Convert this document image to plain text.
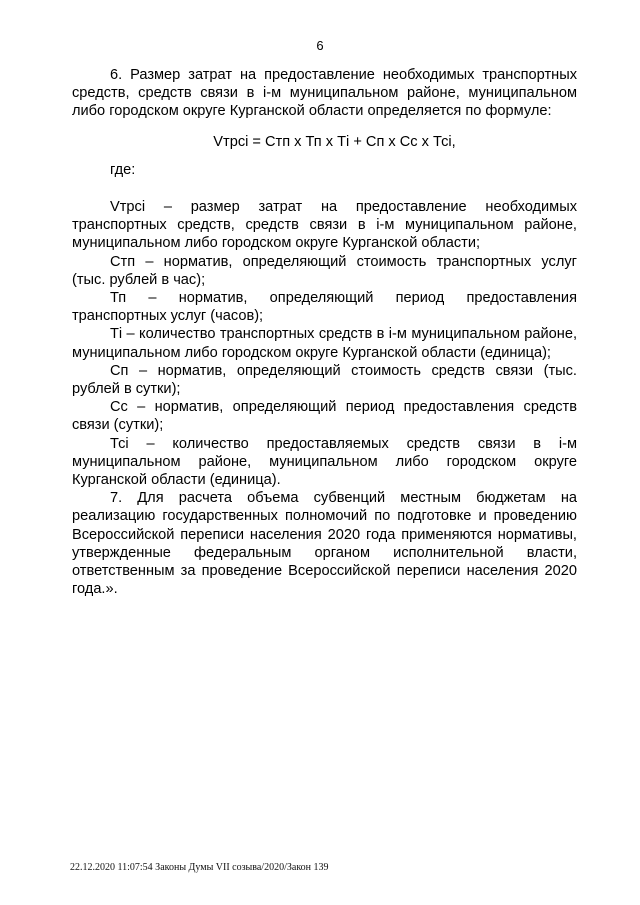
6

6. Размер затрат на предоставление необходимых транспортных средств, средств связи в i-м муниципальном районе, муниципальном либо городском округе Курганской области определяется по формуле:

Vтрсi = Стп х Тп х Тi + Сп х Сс х Тсi,

где:

Vтрсi – размер затрат на предоставление необходимых транспортных средств, средств связи в i-м муниципальном районе, муниципальном либо городском округе Курганской области;

Стп – норматив, определяющий стоимость транспортных услуг (тыс. рублей в час);

Тп – норматив, определяющий период предоставления транспортных услуг (часов);

Тi – количество транспортных средств в i-м муниципальном районе, муниципальном либо городском округе Курганской области (единица);

Сп – норматив, определяющий стоимость средств связи (тыс. рублей в сутки);

Сс – норматив, определяющий период предоставления средств связи (сутки);

Тсi – количество предоставляемых средств связи в i-м муниципальном районе, муниципальном либо городском округе Курганской области (единица).

7. Для расчета объема субвенций местным бюджетам на реализацию государственных полномочий по подготовке и проведению Всероссийской переписи населения 2020 года применяются нормативы, утвержденные федеральным органом исполнительной власти, ответственным за проведение Всероссийской переписи населения 2020 года.».

22.12.2020 11:07:54 Законы Думы VII созыва/2020/Закон 139
